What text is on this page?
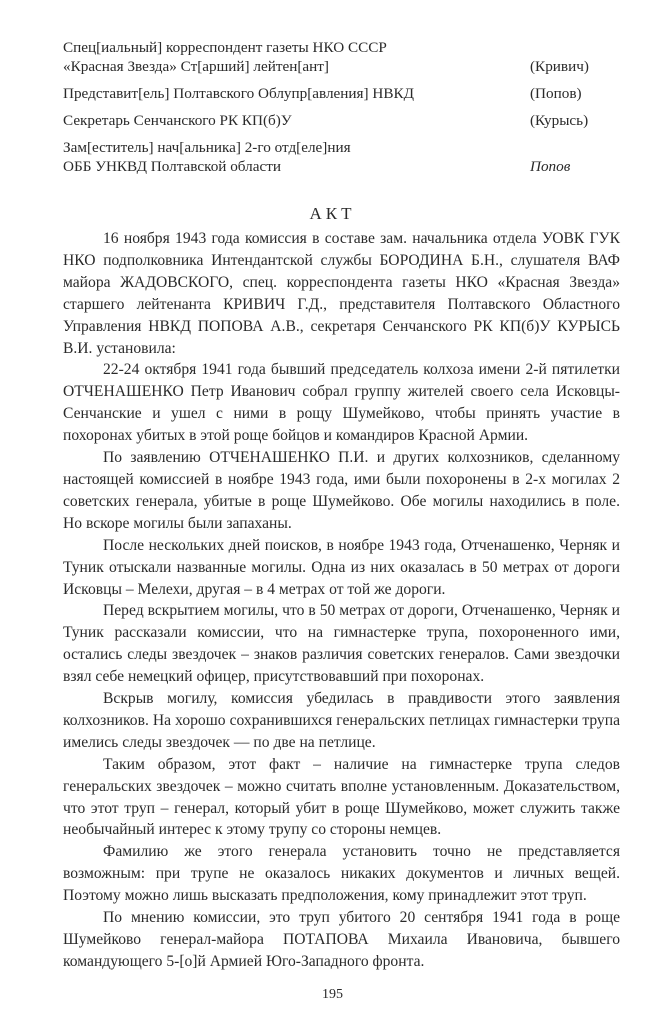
Спец[иальный] корреспондент газеты НКО СССР
«Красная Звезда» Ст[арший] лейтен[ант]	(Кривич)
Представит[ель] Полтавского Облупр[авления] НВКД	(Попов)
Секретарь Сенчанского РК КП(б)У	(Курысь)
Зам[еститель] нач[альника] 2-го отд[еле]ния
ОББ УНКВД Полтавской области	Попов
АКТ

16 ноября 1943 года комиссия в составе зам. начальника отдела УОВК ГУК НКО подполковника Интендантской службы БОРОДИНА Б.Н., слушателя ВАФ майора ЖАДОВСКОГО, спец. корреспондента газеты НКО «Красная Звезда» старшего лейтенанта КРИВИЧ Г.Д., представителя Полтавского Областного Управления НВКД ПОПОВА А.В., секретаря Сенчанского РК КП(б)У КУРЫСЬ В.И. установила:

22-24 октября 1941 года бывший председатель колхоза имени 2-й пятилетки ОТЧЕНАШЕНКО Петр Иванович собрал группу жителей своего села Исковцы-Сенчанские и ушел с ними в рощу Шумейково, чтобы принять участие в похоронах убитых в этой роще бойцов и командиров Красной Армии.

По заявлению ОТЧЕНАШЕНКО П.И. и других колхозников, сделанному настоящей комиссией в ноябре 1943 года, ими были похоронены в 2-х могилах 2 советских генерала, убитые в роще Шумейково. Обе могилы находились в поле. Но вскоре могилы были запаханы.

После нескольких дней поисков, в ноябре 1943 года, Отченашенко, Черняк и Туник отыскали названные могилы. Одна из них оказалась в 50 метрах от дороги Исковцы – Мелехи, другая – в 4 метрах от той же дороги.

Перед вскрытием могилы, что в 50 метрах от дороги, Отченашенко, Черняк и Туник рассказали комиссии, что на гимнастерке трупа, похороненного ими, остались следы звездочек – знаков различия советских генералов. Сами звездочки взял себе немецкий офицер, присутствовавший при похоронах.

Вскрыв могилу, комиссия убедилась в правдивости этого заявления колхозников. На хорошо сохранившихся генеральских петлицах гимнастерки трупа имелись следы звездочек — по две на петлице.

Таким образом, этот факт – наличие на гимнастерке трупа следов генеральских звездочек – можно считать вполне установленным. Доказательством, что этот труп – генерал, который убит в роще Шумейково, может служить также необычайный интерес к этому трупу со стороны немцев.

Фамилию же этого генерала установить точно не представляется возможным: при трупе не оказалось никаких документов и личных вещей. Поэтому можно лишь высказать предположения, кому принадлежит этот труп.

По мнению комиссии, это труп убитого 20 сентября 1941 года в роще Шумейково генерал-майора ПОТАПОВА Михаила Ивановича, бывшего командующего 5-[о]й Армией Юго-Западного фронта.

195
